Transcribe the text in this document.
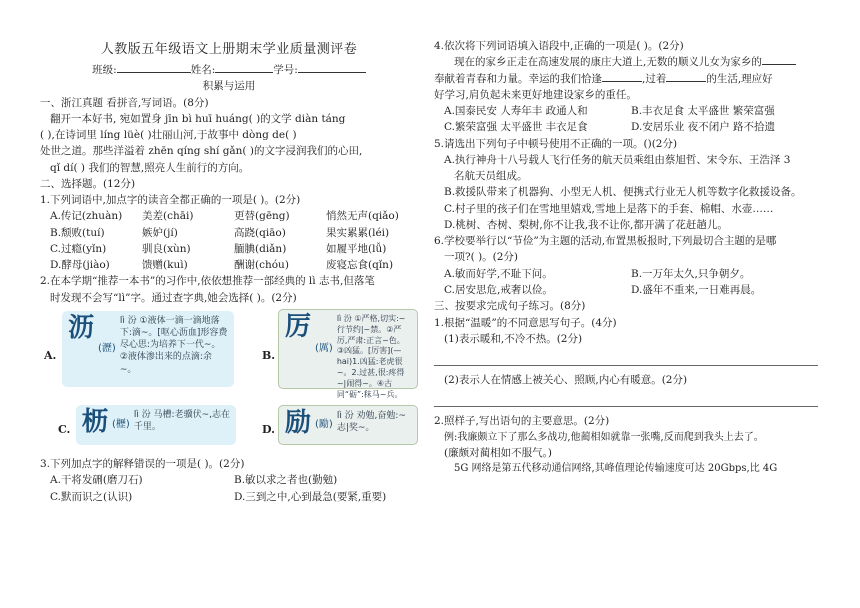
人教版五年级语文上册期末学业质量测评卷

班级:	姓名:	学号:

积累与运用

一、浙江真题 看拼音,写词语。(8分)

翻开一本好书, 宛如置身 jīn bì huī huáng( )的文学 diàn táng

( ),在诗词里 líng lüè( )壮丽山河,于故事中 dòng de( )

处世之道。那些洋溢着 zhēn qíng shí gǎn( )的文字浸润我们的心田,

qǐ dí( ) 我们的智慧,照亮人生前行的方向。

二、选择题。(12分)

1.下列词语中,加点字的读音全都正确的一项是( )。(2分)

A.传记(zhuàn)	美差(chāi)	更替(gēng)	悄然无声(qiǎo)
B.颓败(tuí)	嫉妒(jí)	高跷(qiāo)	果实累累(léi)
C.过瘾(yǐn)	驯良(xùn)	腼腆(diǎn)	如履平地(lǚ)
D.酵母(jiào)	馈赠(kuì)	酬谢(chóu)	废寝忘食(qǐn)

2.在本学期“推荐一本书”的习作中,依依想推荐一部经典的 lì 志书,但落笔

时发现不会写“lì”字。通过查字典,她会选择( )。(2分)

A.
沥
(瀝)
lì 汾 ①液体一滴一滴地落下:滴~。[呕心沥血]形容费尽心思:为培养下一代~。②液体渗出来的点滴:余~。
B.
厉
(厲)
lì 汾 ①严格,切实:~行节约|~禁。②严厉,严肃:正言~色。③凶猛。[厉害](—hai)1.凶猛:老虎很~。2.过甚,很:疼得~|闹得~。④古同“砺”:秣马~兵。
C. 枥 (櫪)
lì 汾 马槽:老骥伏~,志在千里。	D. 励 (勵)
lì 汾 劝勉,奋勉:~志|奖~。

3.下列加点字的解释错误的一项是( )。(2分)

A.干将发硎(磨刀石)	B.敏以求之者也(勤勉)
C.默而识之(认识)	D.三到之中,心到最急(要紧,重要)

4.依次将下列词语填入语段中,正确的一项是( )。(2分)

现在的家乡正走在高速发展的康庄大道上,无数的顺义儿女为家乡的

奉献着青春和力量。幸运的我们恰逢	,过着	的生活,理应好

好学习,肩负起未来更好地建设家乡的重任。

A.国泰民安 人寿年丰 政通人和	B.丰衣足食 太平盛世 繁荣富强
C.繁荣富强 太平盛世 丰衣足食	D.安居乐业 夜不闭户 路不拾遗

5.请选出下列句子中顿号使用不正确的一项。()(2分)

A.执行神舟十八号载人飞行任务的航天员乘组由蔡旭哲、宋令东、王浩泽 3

名航天员组成。

B.救援队带来了机器狗、小型无人机、便携式行业无人机等数字化救援设备。

C.村子里的孩子们在雪地里嬉戏,雪地上是落下的手套、棉帽、水壶……

D.桃树、杏树、梨树,你不让我,我不让你,都开满了花赶趟儿。

6.学校要举行以“节俭”为主题的活动,布置黑板报时,下列最切合主题的是哪

一项?( )。(2分)

A.敏而好学,不耻下问。	B.一万年太久,只争朝夕。
C.居安思危,戒奢以俭。	D.盛年不重来,一日难再晨。

三、按要求完成句子练习。(8分)

1.根据“温暖”的不同意思写句子。(4分)

(1)表示暖和,不冷不热。(2分)

(2)表示人在情感上被关心、照顾,内心有暖意。(2分)

2.照样子,写出语句的主要意思。(2分)

例:我廉颇立下了那么多战功,他蔺相如就靠一张嘴,反而爬到我头上去了。

(廉颇对蔺相如不服气。)

5G 网络是第五代移动通信网络,其峰值理论传输速度可达 20Gbps,比 4G
